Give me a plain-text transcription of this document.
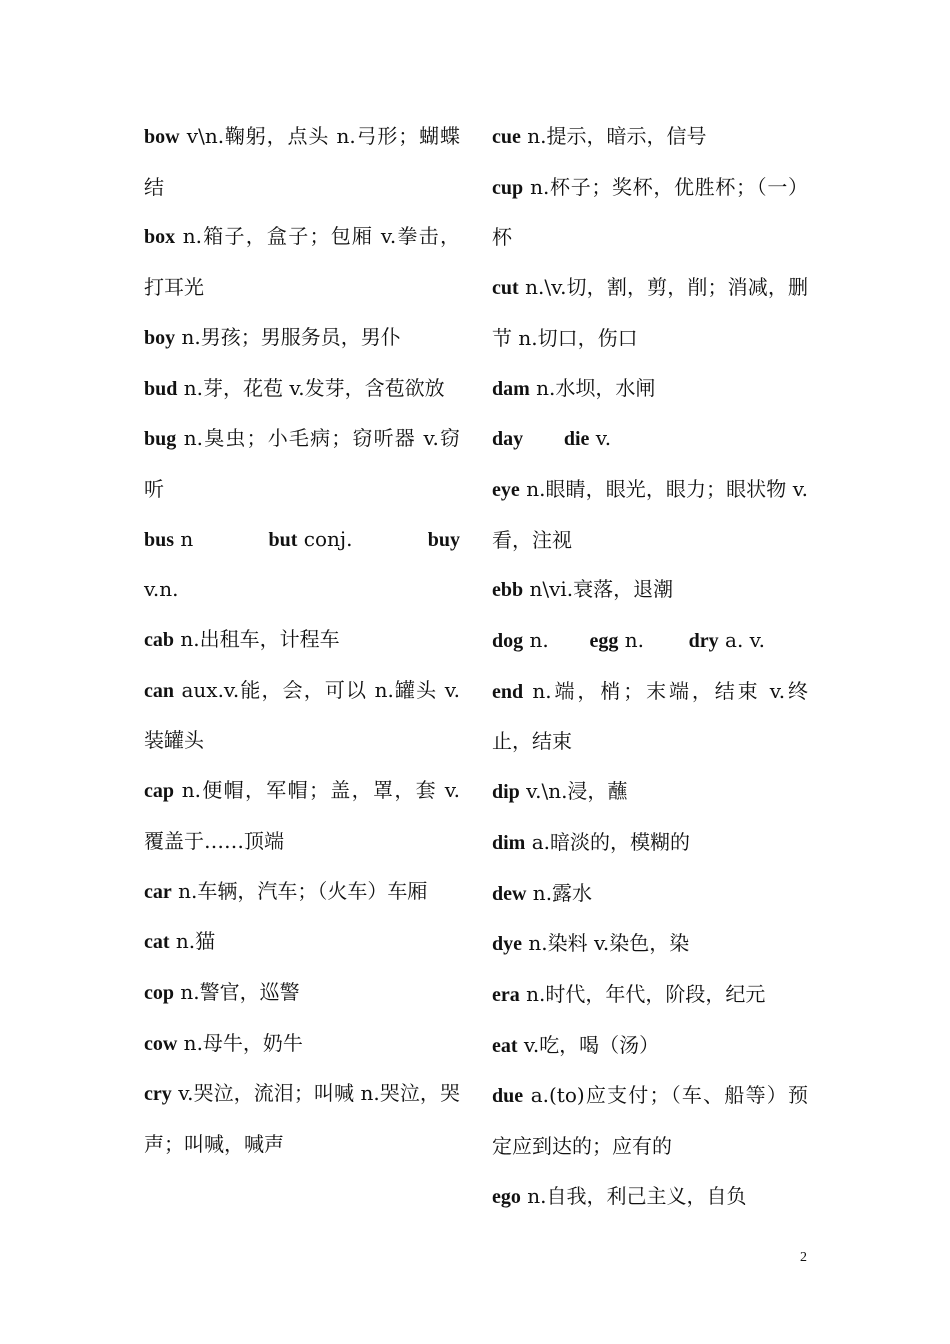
bow v\n.鞠躬，点头 n.弓形；蝴蝶结
box n.箱子，盒子；包厢 v.拳击，打耳光
boy n.男孩；男服务员，男仆
bud n.芽，花苞 v.发芽，含苞欲放
bug n.臭虫；小毛病；窃听器 v.窃听
bus n	but conj.	buy
v.n.
cab n.出租车，计程车
can aux.v.能，会，可以 n.罐头 v.装罐头
cap n.便帽，军帽；盖，罩，套 v.覆盖于……顶端
car n.车辆，汽车；（火车）车厢
cat n.猫
cop n.警官，巡警
cow n.母牛，奶牛
cry v.哭泣，流泪；叫喊 n.哭泣，哭声；叫喊，喊声
cue n.提示，暗示，信号
cup n.杯子；奖杯，优胜杯；（一）杯
cut n.\v.切，割，剪，削；消减，删节 n.切口，伤口
dam n.水坝，水闸
day die v.
eye n.眼睛，眼光，眼力；眼状物 v.看，注视
ebb n\vi.衰落，退潮
dog n. egg n. dry a. v.
end n.端，梢；末端，结束 v.终止，结束
dip v.\n.浸，蘸
dim a.暗淡的，模糊的
dew n.露水
dye n.染料 v.染色，染
era n.时代，年代，阶段，纪元
eat v.吃，喝（汤）
due a.(to)应支付；（车、船等）预定应到达的；应有的
ego n.自我，利己主义，自负
2
